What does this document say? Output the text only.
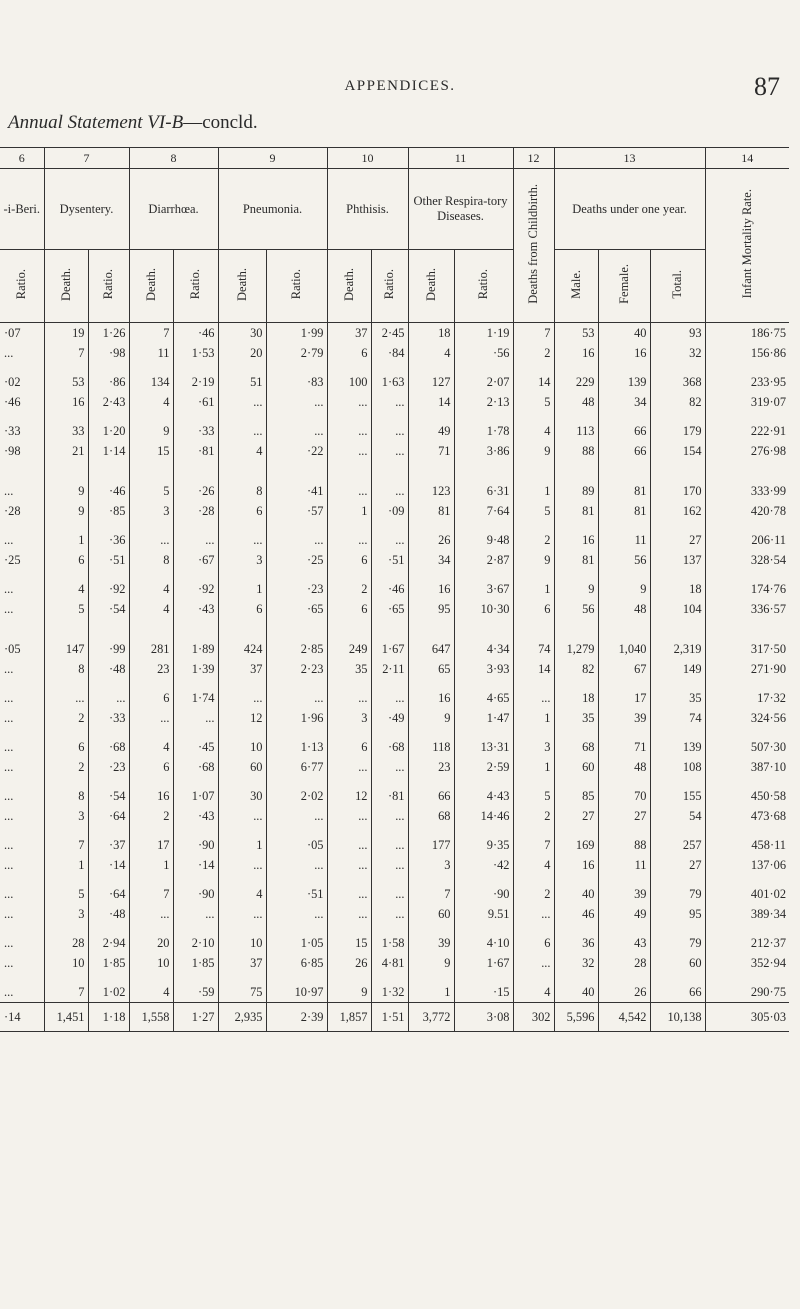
APPENDICES.	87
Annual Statement VI-B—concld.
6	7		8		9		10		11		12	13			14
-i-Beri.	Dysentery.		Diarrhœa.		Pneumonia.		Phthisis.		Other Respira-tory Diseases.		Deaths from Childbirth.	Deaths under one year.			Infant Mortality Rate.
Ratio.	Death.	Ratio.	Death.	Ratio.	Death.	Ratio.	Death.	Ratio.	Death.	Ratio.		Male.	Female.	Total.	
·07	19	1·26	7	·46	30	1·99	37	2·45	18	1·19	7	53	40	93	186·75
...	7	·98	11	1·53	20	2·79	6	·84	4	·56	2	16	16	32	156·86

·02	53	·86	134	2·19	51	·83	100	1·63	127	2·07	14	229	139	368	233·95
·46	16	2·43	4	·61	...	...	...	...	14	2·13	5	48	34	82	319·07

·33	33	1·20	9	·33	...	...	...	...	49	1·78	4	113	66	179	222·91
·98	21	1·14	15	·81	4	·22	...	...	71	3·86	9	88	66	154	276·98

...	9	·46	5	·26	8	·41	...	...	123	6·31	1	89	81	170	333·99
·28	9	·85	3	·28	6	·57	1	·09	81	7·64	5	81	81	162	420·78

...	1	·36	...	...	...	...	...	...	26	9·48	2	16	11	27	206·11
·25	6	·51	8	·67	3	·25	6	·51	34	2·87	9	81	56	137	328·54

...	4	·92	4	·92	1	·23	2	·46	16	3·67	1	9	9	18	174·76
...	5	·54	4	·43	6	·65	6	·65	95	10·30	6	56	48	104	336·57

·05	147	·99	281	1·89	424	2·85	249	1·67	647	4·34	74	1,279	1,040	2,319	317·50
...	8	·48	23	1·39	37	2·23	35	2·11	65	3·93	14	82	67	149	271·90

...	...	...	6	1·74	...	...	...	...	16	4·65	...	18	17	35	17·32
...	2	·33	...	...	12	1·96	3	·49	9	1·47	1	35	39	74	324·56

...	6	·68	4	·45	10	1·13	6	·68	118	13·31	3	68	71	139	507·30
...	2	·23	6	·68	60	6·77	...	...	23	2·59	1	60	48	108	387·10

...	8	·54	16	1·07	30	2·02	12	·81	66	4·43	5	85	70	155	450·58
...	3	·64	2	·43	...	...	...	...	68	14·46	2	27	27	54	473·68

...	7	·37	17	·90	1	·05	...	...	177	9·35	7	169	88	257	458·11
...	1	·14	1	·14	...	...	...	...	3	·42	4	16	11	27	137·06

...	5	·64	7	·90	4	·51	...	...	7	·90	2	40	39	79	401·02
...	3	·48	...	...	...	...	...	...	60	9.51	...	46	49	95	389·34

...	28	2·94	20	2·10	10	1·05	15	1·58	39	4·10	6	36	43	79	212·37
...	10	1·85	10	1·85	37	6·85	26	4·81	9	1·67	...	32	28	60	352·94

...	7	1·02	4	·59	75	10·97	9	1·32	1	·15	4	40	26	66	290·75
·14	1,451	1·18	1,558	1·27	2,935	2·39	1,857	1·51	3,772	3·08	302	5,596	4,542	10,138	305·03
